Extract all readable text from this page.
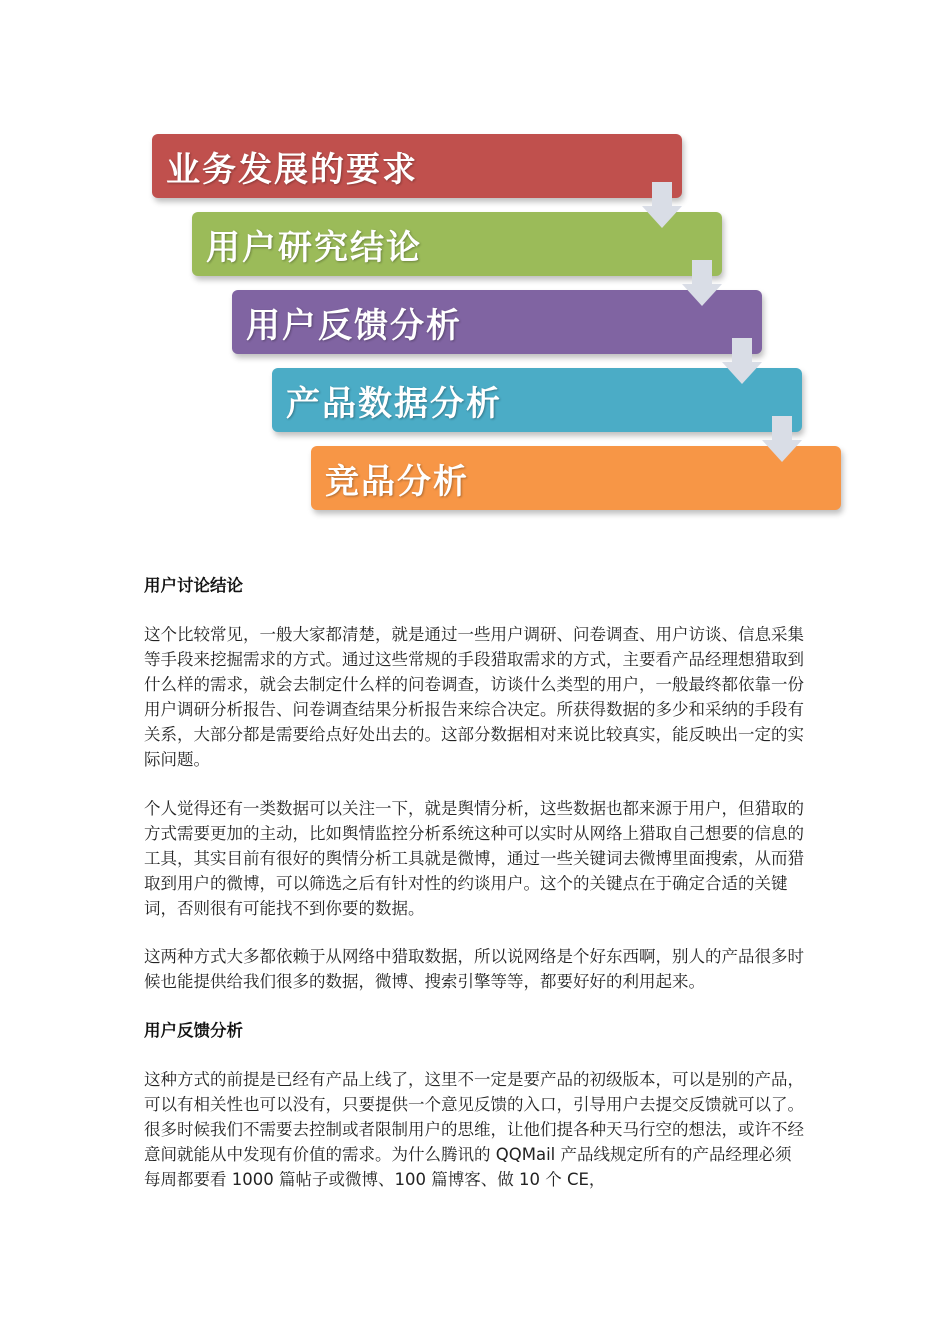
业务发展的要求
用户研究结论
用户反馈分析
产品数据分析
竞品分析
用户讨论结论

这个比较常见，一般大家都清楚，就是通过一些用户调研、问卷调查、用户访谈、信息采集等手段来挖掘需求的方式。通过这些常规的手段猎取需求的方式，主要看产品经理想猎取到什么样的需求，就会去制定什么样的问卷调查，访谈什么类型的用户，一般最终都依靠一份用户调研分析报告、问卷调查结果分析报告来综合决定。所获得数据的多少和采纳的手段有关系，大部分都是需要给点好处出去的。这部分数据相对来说比较真实，能反映出一定的实际问题。

个人觉得还有一类数据可以关注一下，就是舆情分析，这些数据也都来源于用户，但猎取的方式需要更加的主动，比如舆情监控分析系统这种可以实时从网络上猎取自己想要的信息的工具，其实目前有很好的舆情分析工具就是微博，通过一些关键词去微博里面搜索，从而猎取到用户的微博，可以筛选之后有针对性的约谈用户。这个的关键点在于确定合适的关键词，否则很有可能找不到你要的数据。

这两种方式大多都依赖于从网络中猎取数据，所以说网络是个好东西啊，别人的产品很多时候也能提供给我们很多的数据，微博、搜索引擎等等，都要好好的利用起来。

用户反馈分析

这种方式的前提是已经有产品上线了，这里不一定是要产品的初级版本，可以是别的产品，可以有相关性也可以没有，只要提供一个意见反馈的入口，引导用户去提交反馈就可以了。很多时候我们不需要去控制或者限制用户的思维，让他们提各种天马行空的想法，或许不经意间就能从中发现有价值的需求。为什么腾讯的 QQMail 产品线规定所有的产品经理必须每周都要看 1000 篇帖子或微博、100 篇博客、做 10 个 CE，
